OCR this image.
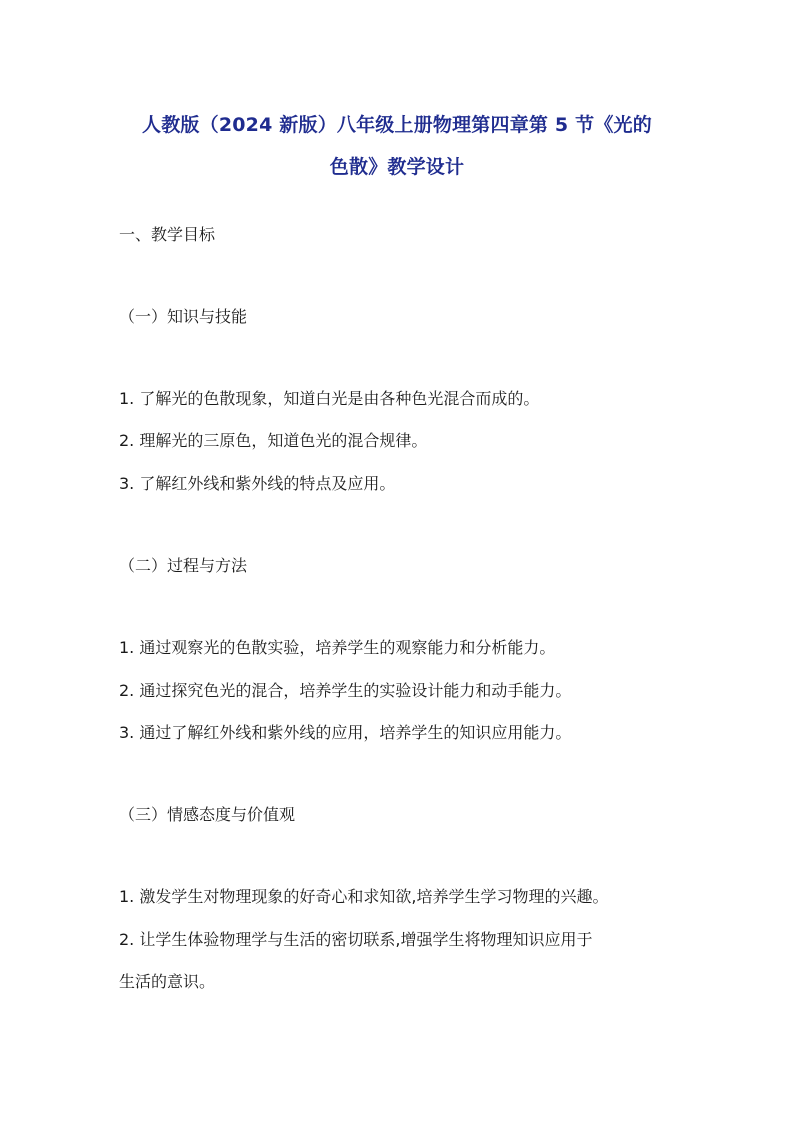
人教版（2024 新版）八年级上册物理第四章第 5 节《光的
色散》教学设计
一、教学目标
（一）知识与技能
1. 了解光的色散现象，知道白光是由各种色光混合而成的。
2. 理解光的三原色，知道色光的混合规律。
3. 了解红外线和紫外线的特点及应用。
（二）过程与方法
1. 通过观察光的色散实验，培养学生的观察能力和分析能力。
2. 通过探究色光的混合，培养学生的实验设计能力和动手能力。
3. 通过了解红外线和紫外线的应用，培养学生的知识应用能力。
（三）情感态度与价值观
1. 激发学生对物理现象的好奇心和求知欲,培养学生学习物理的兴趣。
2. 让学生体验物理学与生活的密切联系,增强学生将物理知识应用于
生活的意识。
